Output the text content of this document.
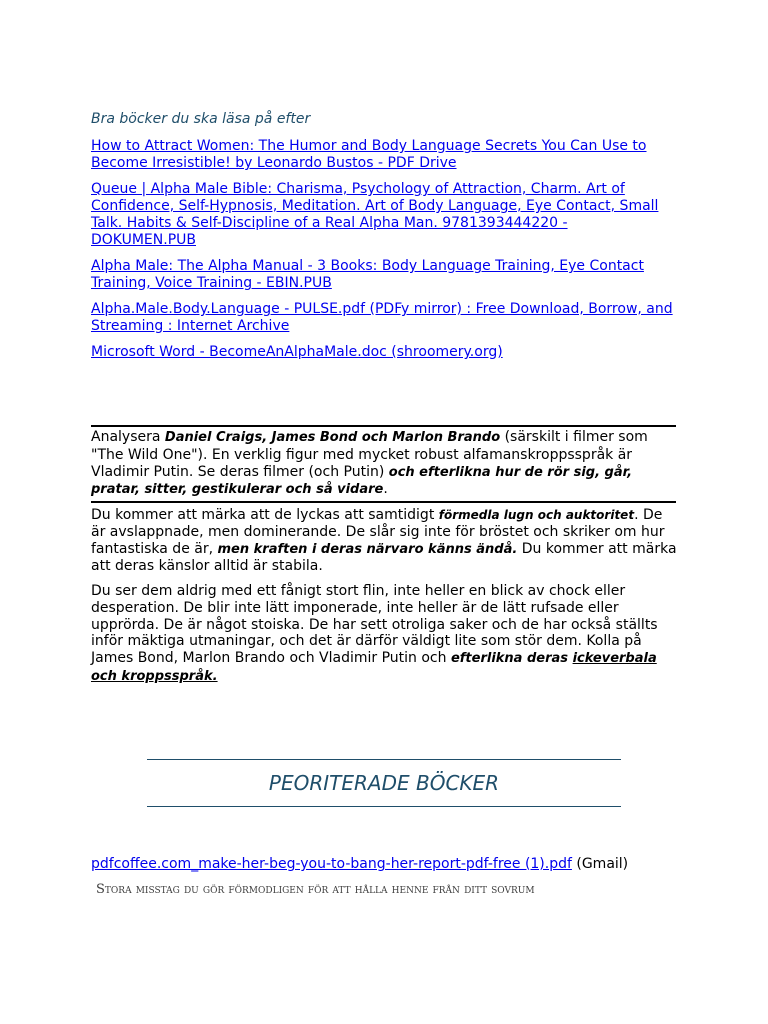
Bra böcker du ska läsa på efter

How to Attract Women: The Humor and Body Language Secrets You Can Use to Become Irresistible! by Leonardo Bustos - PDF Drive

Queue | Alpha Male Bible: Charisma, Psychology of Attraction, Charm. Art of Confidence, Self-Hypnosis, Meditation. Art of Body Language, Eye Contact, Small Talk. Habits & Self-Discipline of a Real Alpha Man. 9781393444220 - DOKUMEN.PUB

Alpha Male: The Alpha Manual - 3 Books: Body Language Training, Eye Contact Training, Voice Training - EBIN.PUB

Alpha.Male.Body.Language - PULSE.pdf (PDFy mirror) : Free Download, Borrow, and Streaming : Internet Archive

Microsoft Word - BecomeAnAlphaMale.doc (shroomery.org)

Analysera Daniel Craigs, James Bond och Marlon Brando (särskilt i filmer som "The Wild One"). En verklig figur med mycket robust alfamanskroppsspråk är Vladimir Putin. Se deras filmer (och Putin) och efterlikna hur de rör sig, går, pratar, sitter, gestikulerar och så vidare.

Du kommer att märka att de lyckas att samtidigt förmedla lugn och auktoritet. De är avslappnade, men dominerande. De slår sig inte för bröstet och skriker om hur fantastiska de är, men kraften i deras närvaro känns ändå. Du kommer att märka att deras känslor alltid är stabila.

Du ser dem aldrig med ett fånigt stort flin, inte heller en blick av chock eller desperation. De blir inte lätt imponerade, inte heller är de lätt rufsade eller upprörda. De är något stoiska. De har sett otroliga saker och de har också ställts inför mäktiga utmaningar, och det är därför väldigt lite som stör dem. Kolla på James Bond, Marlon Brando och Vladimir Putin och efterlikna deras ickeverbala och kroppsspråk.

PEORITERADE BÖCKER
pdfcoffee.com_make-her-beg-you-to-bang-her-report-pdf-free (1).pdf (Gmail)
Stora misstag du gör förmodligen för att hålla henne från ditt sovrum
